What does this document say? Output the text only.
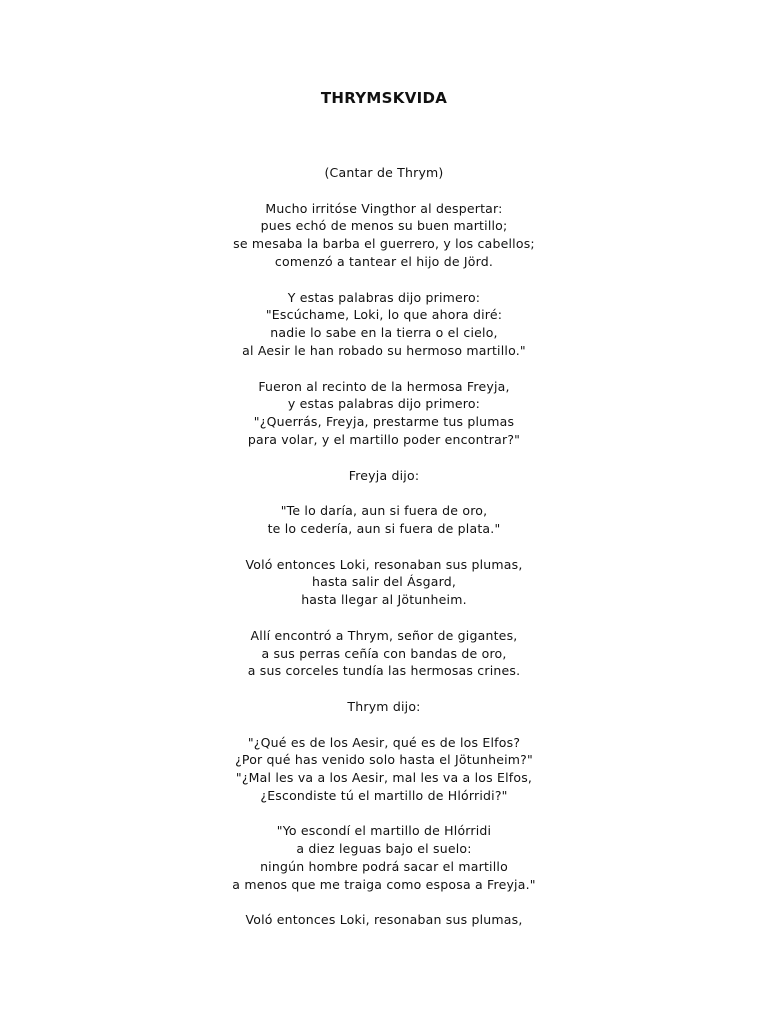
THRYMSKVIDA
(Cantar de Thrym)
Mucho irritóse Vingthor al despertar:
pues echó de menos su buen martillo;
se mesaba la barba el guerrero, y los cabellos;
comenzó a tantear el hijo de Jörd.
Y estas palabras dijo primero:
"Escúchame, Loki, lo que ahora diré:
nadie lo sabe en la tierra o el cielo,
al Aesir le han robado su hermoso martillo."
Fueron al recinto de la hermosa Freyja,
y estas palabras dijo primero:
"¿Querrás, Freyja, prestarme tus plumas
para volar, y el martillo poder encontrar?"
Freyja dijo:
"Te lo daría, aun si fuera de oro,
te lo cedería, aun si fuera de plata."
Voló entonces Loki, resonaban sus plumas,
hasta salir del Ásgard,
hasta llegar al Jötunheim.
Allí encontró a Thrym, señor de gigantes,
a sus perras ceñía con bandas de oro,
a sus corceles tundía las hermosas crines.
Thrym dijo:
"¿Qué es de los Aesir, qué es de los Elfos?
¿Por qué has venido solo hasta el Jötunheim?"
"¿Mal les va a los Aesir, mal les va a los Elfos,
¿Escondiste tú el martillo de Hlórridi?"
"Yo escondí el martillo de Hlórridi
a diez leguas bajo el suelo:
ningún hombre podrá sacar el martillo
a menos que me traiga como esposa a Freyja."
Voló entonces Loki, resonaban sus plumas,
